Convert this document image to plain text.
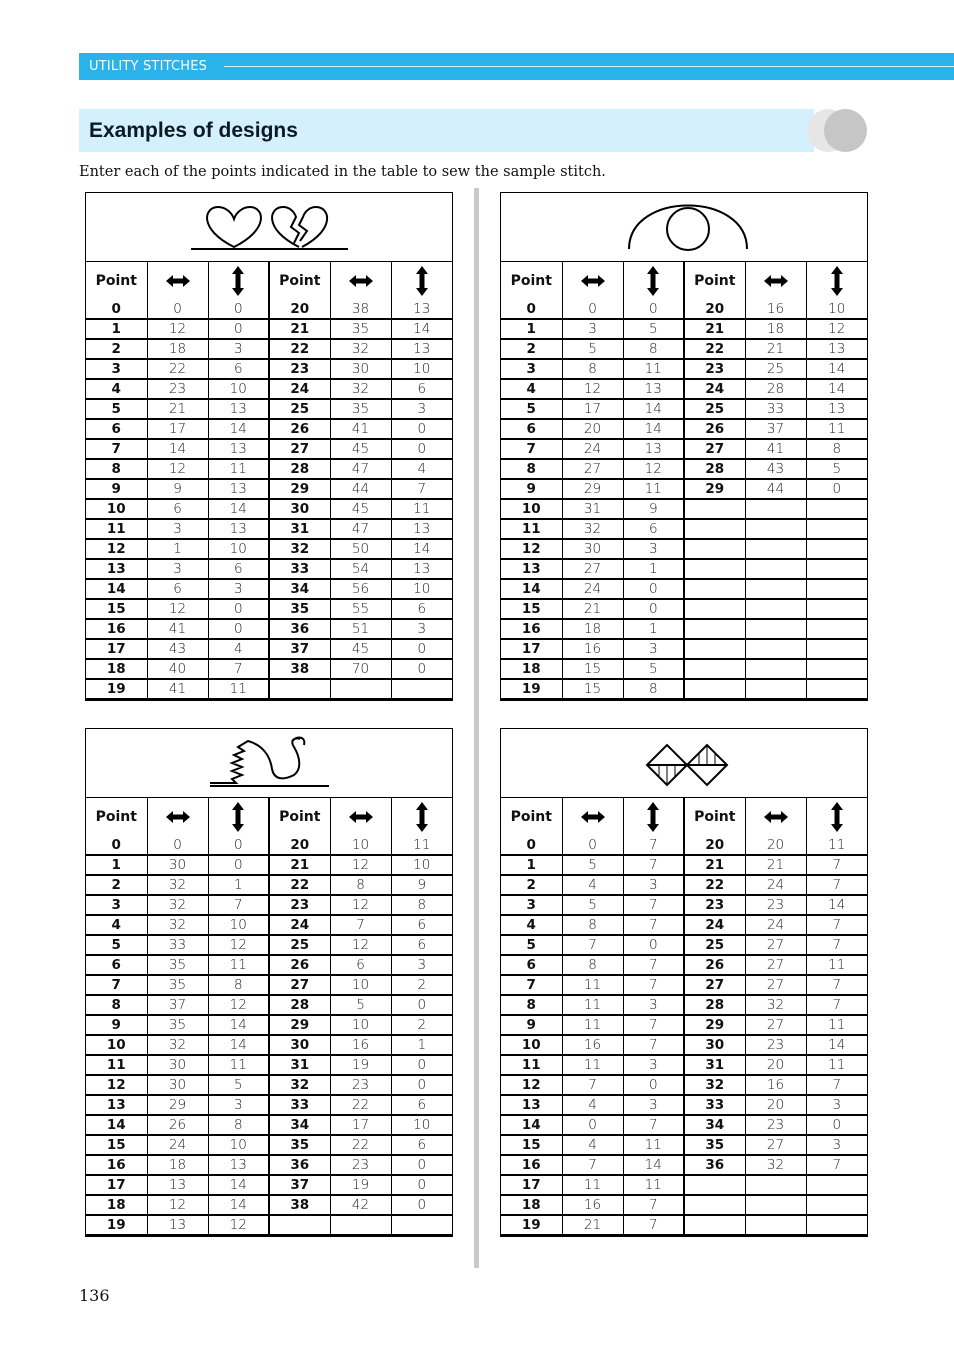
UTILITY STITCHES
Examples of designs
Enter each of the points indicated in the table to sew the sample stitch.
Point			Point	

0	0	0	20	38	13
1	12	0	21	35	14
2	18	3	22	32	13
3	22	6	23	30	10
4	23	10	24	32	6
5	21	13	25	35	3
6	17	14	26	41	0
7	14	13	27	45	0
8	12	11	28	47	4
9	9	13	29	44	7
10	6	14	30	45	11
11	3	13	31	47	13
12	1	10	32	50	14
13	3	6	33	54	13
14	6	3	34	56	10
15	12	0	35	55	6
16	41	0	36	51	3
17	43	4	37	45	0
18	40	7	38	70	0
19	41	11			
Point			Point	

0	0	0	20	16	10
1	3	5	21	18	12
2	5	8	22	21	13
3	8	11	23	25	14
4	12	13	24	28	14
5	17	14	25	33	13
6	20	14	26	37	11
7	24	13	27	41	8
8	27	12	28	43	5
9	29	11	29	44	0
10	31	9			
11	32	6			
12	30	3			
13	27	1			
14	24	0			
15	21	0			
16	18	1			
17	16	3			
18	15	5			
19	15	8			
Point			Point	

0	0	0	20	10	11
1	30	0	21	12	10
2	32	1	22	8	9
3	32	7	23	12	8
4	32	10	24	7	6
5	33	12	25	12	6
6	35	11	26	6	3
7	35	8	27	10	2
8	37	12	28	5	0
9	35	14	29	10	2
10	32	14	30	16	1
11	30	11	31	19	0
12	30	5	32	23	0
13	29	3	33	22	6
14	26	8	34	17	10
15	24	10	35	22	6
16	18	13	36	23	0
17	13	14	37	19	0
18	12	14	38	42	0
19	13	12			
Point			Point	

0	0	7	20	20	11
1	5	7	21	21	7
2	4	3	22	24	7
3	5	7	23	23	14
4	8	7	24	24	7
5	7	0	25	27	7
6	8	7	26	27	11
7	11	7	27	27	7
8	11	3	28	32	7
9	11	7	29	27	11
10	16	7	30	23	14
11	11	3	31	20	11
12	7	0	32	16	7
13	4	3	33	20	3
14	0	7	34	23	0
15	4	11	35	27	3
16	7	14	36	32	7
17	11	11			
18	16	7			
19	21	7			
136
